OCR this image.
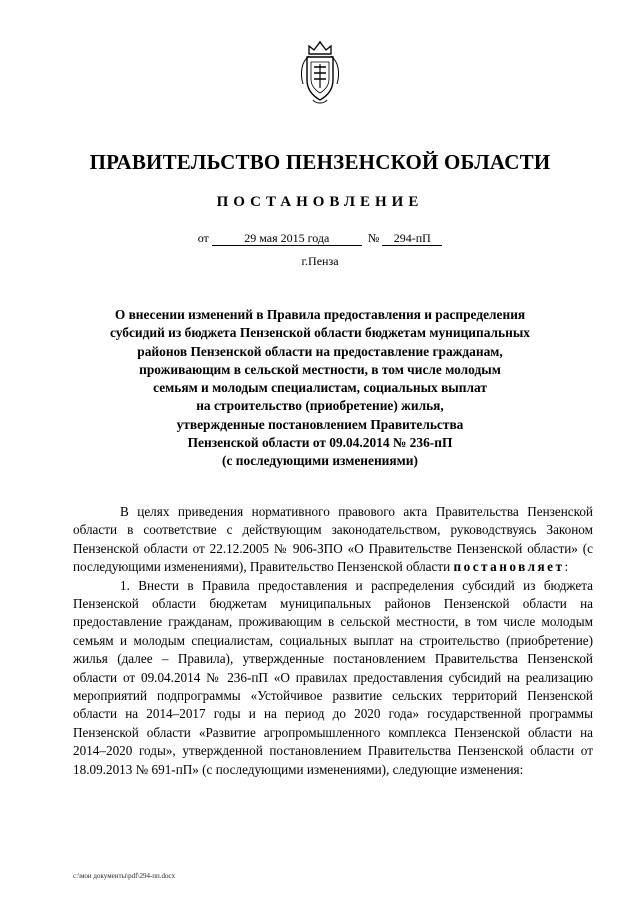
ПРАВИТЕЛЬСТВО ПЕНЗЕНСКОЙ ОБЛАСТИ
ПОСТАНОВЛЕНИЕ
от	29 мая 2015 года	№ 294-пП
г.Пенза
О внесении изменений в Правила предоставления и распределения
субсидий из бюджета Пензенской области бюджетам муниципальных
районов Пензенской области на предоставление гражданам,
проживающим в сельской местности, в том числе молодым
семьям и молодым специалистам, социальных выплат
на строительство (приобретение) жилья,
утвержденные постановлением Правительства
Пензенской области от 09.04.2014 № 236-пП
(с последующими изменениями)

В целях приведения нормативного правового акта Правительства Пензенской области в соответствие с действующим законодательством, руководствуясь Законом Пензенской области от 22.12.2005 № 906-ЗПО «О Правительстве Пензенской области» (с последующими изменениями), Правительство Пензенской области постановляет:

1. Внести в Правила предоставления и распределения субсидий из бюджета Пензенской области бюджетам муниципальных районов Пензенской области на предоставление гражданам, проживающим в сельской местности, в том числе молодым семьям и молодым специалистам, социальных выплат на строительство (приобретение) жилья (далее – Правила), утвержденные постановлением Правительства Пензенской области от 09.04.2014 № 236-пП «О правилах предоставления субсидий на реализацию мероприятий подпрограммы «Устойчивое развитие сельских территорий Пензенской области на 2014–2017 годы и на период до 2020 года» государственной программы Пензенской области «Развитие агропромышленного комплекса Пензенской области на 2014–2020 годы», утвержденной постановлением Правительства Пензенской области от 18.09.2013 № 691-пП» (с последующими изменениями), следующие изменения:

c:\мои документы\pdf\294-пп.docx
